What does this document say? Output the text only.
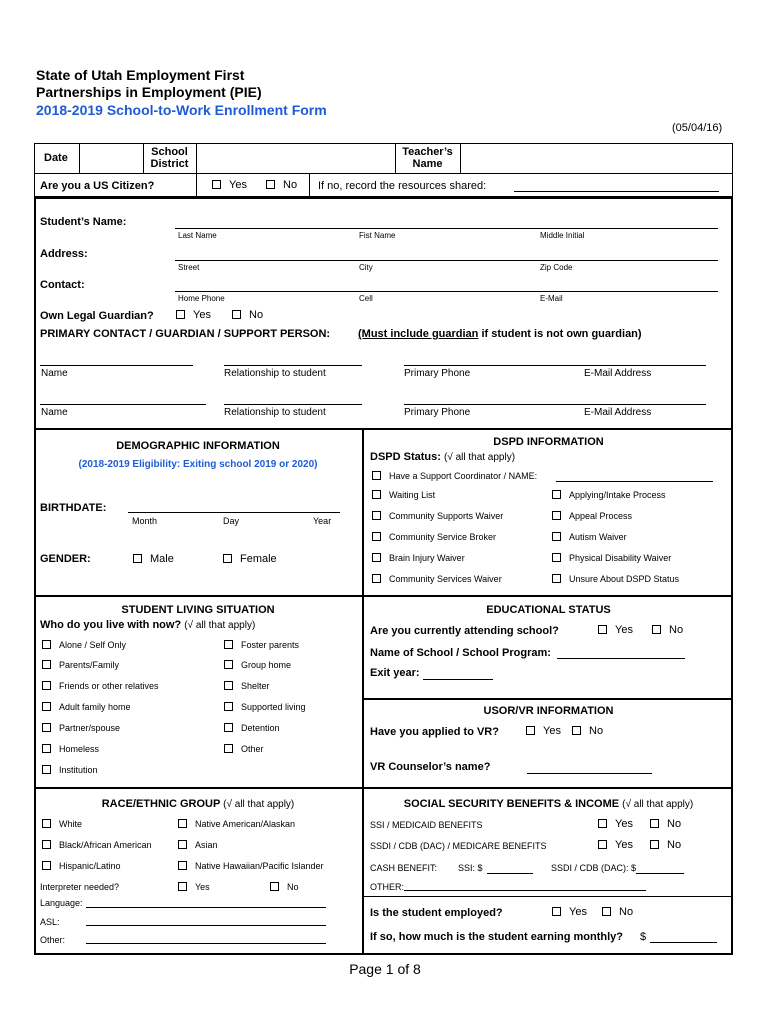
State of Utah Employment First
Partnerships in Employment (PIE)
2018-2019 School-to-Work Enrollment Form
(05/04/16)
Date	School
District
Teacher’s
Name
Are you a US Citizen?	Yes	No If no, record the resources shared:
Student’s Name:
Last Name	Fist Name	Middle Initial
Address:
Street	City	Zip Code
Contact:
Home Phone	Cell	E-Mail
Own Legal Guardian?	Yes	No
PRIMARY CONTACT / GUARDIAN / SUPPORT PERSON:	(Must include guardian if student is not own guardian)
Name	Relationship to student	Primary Phone	E-Mail Address
Name	Relationship to student	Primary Phone	E-Mail Address
DEMOGRAPHIC INFORMATION
(2018-2019 Eligibility: Exiting school 2019 or 2020)
BIRTHDATE:
Month	Day	Year
GENDER:	Male	Female
DSPD INFORMATION
DSPD Status: (√ all that apply)
Have a Support Coordinator / NAME:
Waiting List
Community Supports Waiver
Community Service Broker
Brain Injury Waiver
Community Services Waiver
Applying/Intake Process
Appeal Process
Autism Waiver
Physical Disability Waiver
Unsure About DSPD Status
STUDENT LIVING SITUATION
Who do you live with now? (√ all that apply)
Alone / Self Only
Parents/Family
Friends or other relatives
Adult family home
Partner/spouse
Homeless
Institution
Foster parents
Group home
Shelter
Supported living
Detention
Other
EDUCATIONAL STATUS
Are you currently attending school?	Yes	No
Name of School / School Program:
Exit year:
USOR/VR INFORMATION
Have you applied to VR?	Yes	No
VR Counselor’s name?
RACE/ETHNIC GROUP (√ all that apply)
White
Black/African American
Hispanic/Latino
Native American/Alaskan
Asian
Native Hawaiian/Pacific Islander
Interpreter needed?	Yes	No
Language:
ASL:
Other:
SOCIAL SECURITY BENEFITS & INCOME (√ all that apply)
SSI / MEDICAID BENEFITS	Yes	No
SSDI / CDB (DAC) / MEDICARE BENEFITS	Yes	No
CASH BENEFIT: SSI: $	SSDI / CDB (DAC): $
OTHER:
Is the student employed?	Yes	No
If so, how much is the student earning monthly? $
Page 1 of 8
